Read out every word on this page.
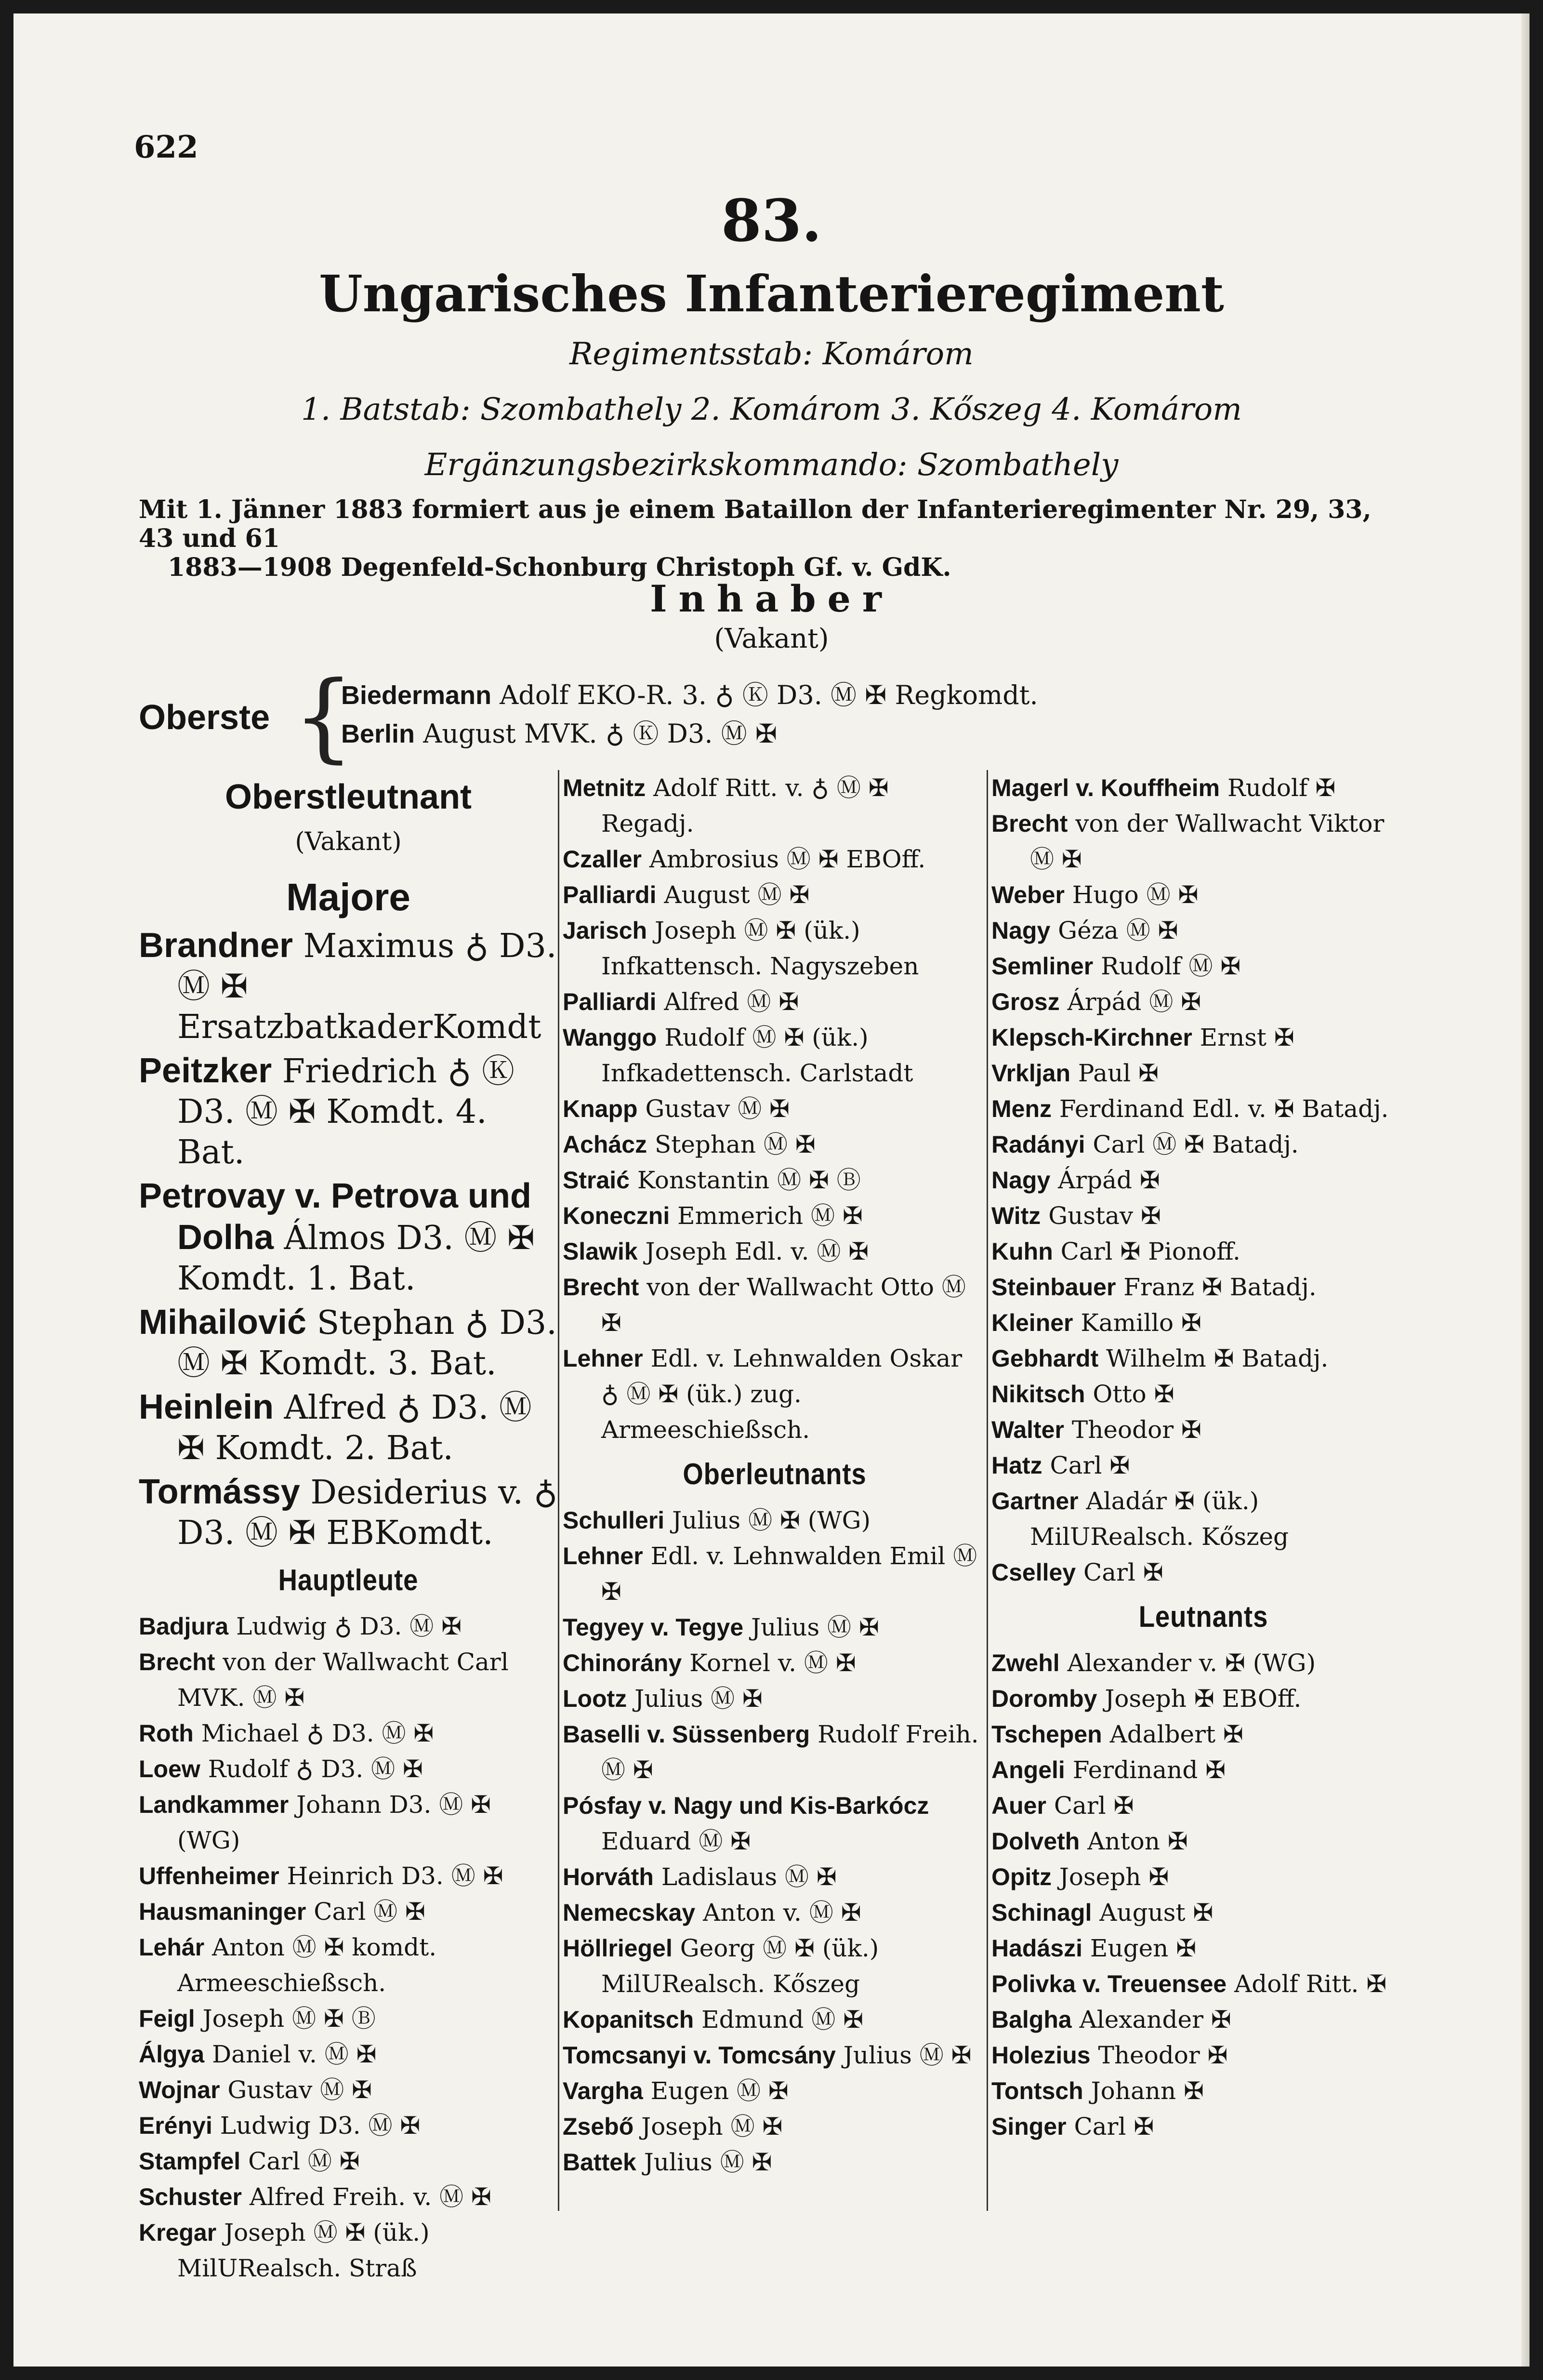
622
83.
Ungarisches Infanterieregiment
Regimentsstab: Komárom
1. Batstab: Szombathely 2. Komárom 3. Kőszeg 4. Komárom
Ergänzungsbezirkskommando: Szombathely
Mit 1. Jänner 1883 formiert aus je einem Bataillon der Infanterieregimenter Nr. 29, 33, 43 und 61
1883—1908 Degenfeld-Schonburg Christoph Gf. v. GdK.
Inhaber
(Vakant)
Oberste {
Biedermann Adolf EKO-R. 3. ♁ Ⓚ D3. Ⓜ ✠ Regkomdt.
Berlin August MVK. ♁ Ⓚ D3. Ⓜ ✠
Oberstleutnant
(Vakant)
Majore

Brandner Maximus ♁ D3. Ⓜ ✠ ErsatzbatkaderKomdt

Peitzker Friedrich ♁ Ⓚ D3. Ⓜ ✠ Komdt. 4. Bat.

Petrovay v. Petrova und Dolha Álmos D3. Ⓜ ✠ Komdt. 1. Bat.

Mihailović Stephan ♁ D3. Ⓜ ✠ Komdt. 3. Bat.

Heinlein Alfred ♁ D3. Ⓜ ✠ Komdt. 2. Bat.

Tormássy Desiderius v. ♁ D3. Ⓜ ✠ EBKomdt.

Hauptleute

Badjura Ludwig ♁ D3. Ⓜ ✠

Brecht von der Wallwacht Carl MVK. Ⓜ ✠

Roth Michael ♁ D3. Ⓜ ✠

Loew Rudolf ♁ D3. Ⓜ ✠

Landkammer Johann D3. Ⓜ ✠ (WG)

Uffenheimer Heinrich D3. Ⓜ ✠

Hausmaninger Carl Ⓜ ✠

Lehár Anton Ⓜ ✠ komdt. Armeeschießsch.

Feigl Joseph Ⓜ ✠ Ⓑ

Álgya Daniel v. Ⓜ ✠

Wojnar Gustav Ⓜ ✠

Erényi Ludwig D3. Ⓜ ✠

Stampfel Carl Ⓜ ✠

Schuster Alfred Freih. v. Ⓜ ✠

Kregar Joseph Ⓜ ✠ (ük.) MilURealsch. Straß

Metnitz Adolf Ritt. v. ♁ Ⓜ ✠ Regadj.

Czaller Ambrosius Ⓜ ✠ EBOff.

Palliardi August Ⓜ ✠

Jarisch Joseph Ⓜ ✠ (ük.) Infkattensch. Nagyszeben

Palliardi Alfred Ⓜ ✠

Wanggo Rudolf Ⓜ ✠ (ük.) Infkadettensch. Carlstadt

Knapp Gustav Ⓜ ✠

Achácz Stephan Ⓜ ✠

Straić Konstantin Ⓜ ✠ Ⓑ

Koneczni Emmerich Ⓜ ✠

Slawik Joseph Edl. v. Ⓜ ✠

Brecht von der Wallwacht Otto Ⓜ ✠

Lehner Edl. v. Lehnwalden Oskar ♁ Ⓜ ✠ (ük.) zug. Armeeschießsch.

Oberleutnants

Schulleri Julius Ⓜ ✠ (WG)

Lehner Edl. v. Lehnwalden Emil Ⓜ ✠

Tegyey v. Tegye Julius Ⓜ ✠

Chinorány Kornel v. Ⓜ ✠

Lootz Julius Ⓜ ✠

Baselli v. Süssenberg Rudolf Freih. Ⓜ ✠

Pósfay v. Nagy und Kis-Barkócz Eduard Ⓜ ✠

Horváth Ladislaus Ⓜ ✠

Nemecskay Anton v. Ⓜ ✠

Höllriegel Georg Ⓜ ✠ (ük.) MilURealsch. Kőszeg

Kopanitsch Edmund Ⓜ ✠

Tomcsanyi v. Tomcsány Julius Ⓜ ✠

Vargha Eugen Ⓜ ✠

Zsebő Joseph Ⓜ ✠

Battek Julius Ⓜ ✠

Magerl v. Kouffheim Rudolf ✠

Brecht von der Wallwacht Viktor Ⓜ ✠

Weber Hugo Ⓜ ✠

Nagy Géza Ⓜ ✠

Semliner Rudolf Ⓜ ✠

Grosz Árpád Ⓜ ✠

Klepsch-Kirchner Ernst ✠

Vrkljan Paul ✠

Menz Ferdinand Edl. v. ✠ Batadj.

Radányi Carl Ⓜ ✠ Batadj.

Nagy Árpád ✠

Witz Gustav ✠

Kuhn Carl ✠ Pionoff.

Steinbauer Franz ✠ Batadj.

Kleiner Kamillo ✠

Gebhardt Wilhelm ✠ Batadj.

Nikitsch Otto ✠

Walter Theodor ✠

Hatz Carl ✠

Gartner Aladár ✠ (ük.) MilURealsch. Kőszeg

Cselley Carl ✠

Leutnants

Zwehl Alexander v. ✠ (WG)

Doromby Joseph ✠ EBOff.

Tschepen Adalbert ✠

Angeli Ferdinand ✠

Auer Carl ✠

Dolveth Anton ✠

Opitz Joseph ✠

Schinagl August ✠

Hadászi Eugen ✠

Polivka v. Treuensee Adolf Ritt. ✠

Balgha Alexander ✠

Holezius Theodor ✠

Tontsch Johann ✠

Singer Carl ✠
